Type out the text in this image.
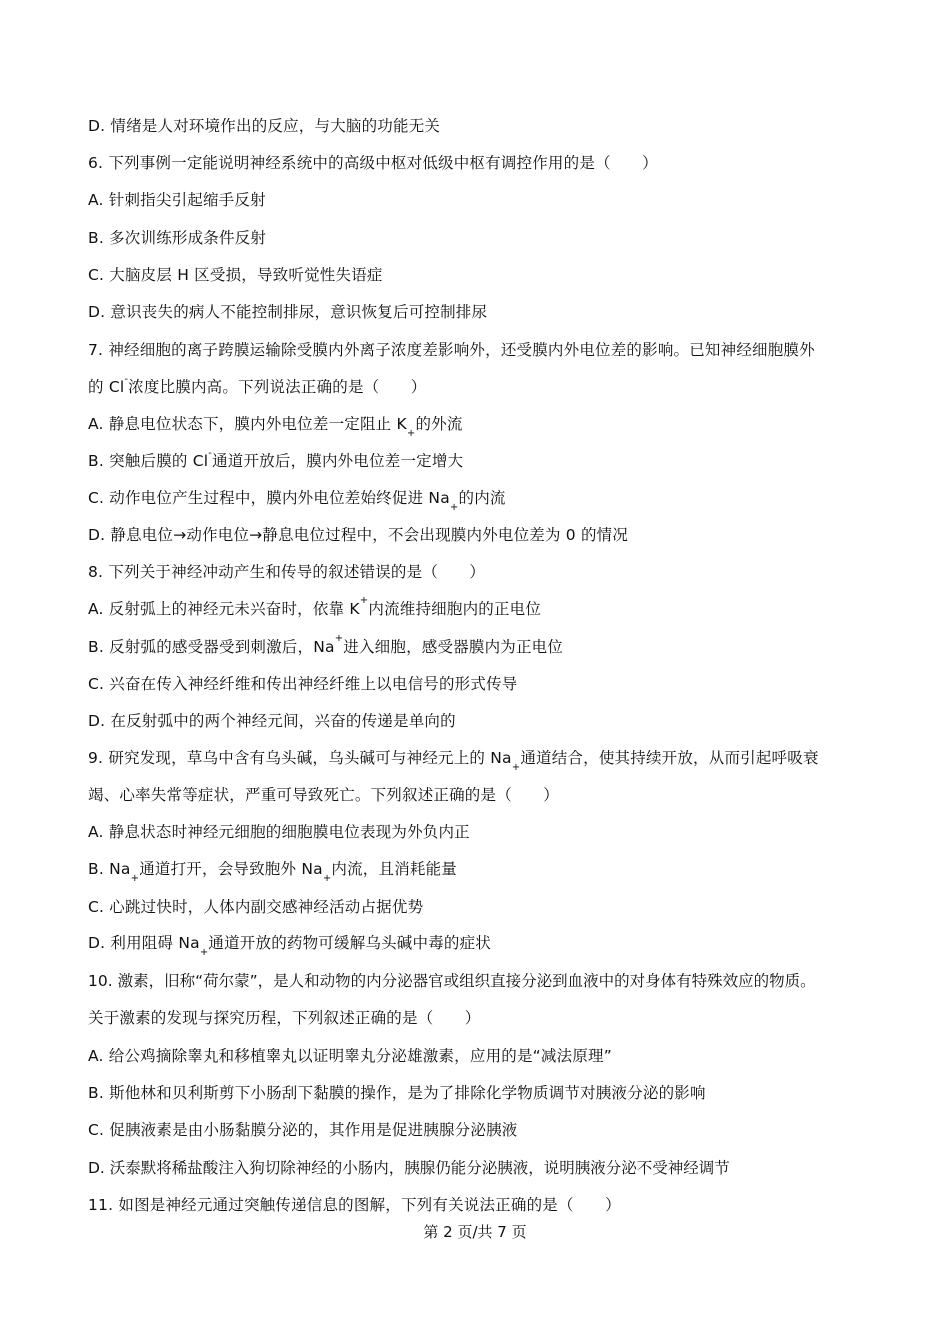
D. 情绪是人对环境作出的反应，与大脑的功能无关
6. 下列事例一定能说明神经系统中的高级中枢对低级中枢有调控作用的是（　　）
A. 针刺指尖引起缩手反射
B. 多次训练形成条件反射
C. 大脑皮层 H 区受损，导致听觉性失语症
D. 意识丧失的病人不能控制排尿，意识恢复后可控制排尿
7. 神经细胞的离子跨膜运输除受膜内外离子浓度差影响外，还受膜内外电位差的影响。已知神经细胞膜外
的 Cl-浓度比膜内高。下列说法正确的是（　　）
A. 静息电位状态下，膜内外电位差一定阻止 $K_+$的外流
B. 突触后膜的 Cl-通道开放后，膜内外电位差一定增大
C. 动作电位产生过程中，膜内外电位差始终促进 $Na_+$的内流
D. 静息电位→动作电位→静息电位过程中，不会出现膜内外电位差为 0 的情况
8. 下列关于神经冲动产生和传导的叙述错误的是（　　）
A. 反射弧上的神经元未兴奋时，依靠 K+内流维持细胞内的正电位
B. 反射弧的感受器受到刺激后，Na+进入细胞，感受器膜内为正电位
C. 兴奋在传入神经纤维和传出神经纤维上以电信号的形式传导
D. 在反射弧中的两个神经元间，兴奋的传递是单向的
9. 研究发现，草乌中含有乌头碱，乌头碱可与神经元上的 $Na_+$通道结合，使其持续开放，从而引起呼吸衰
竭、心率失常等症状，严重可导致死亡。下列叙述正确的是（　　）
A. 静息状态时神经元细胞的细胞膜电位表现为外负内正
B. $Na_+$通道打开，会导致胞外 $Na_+$内流，且消耗能量
C. 心跳过快时，人体内副交感神经活动占据优势
D. 利用阻碍 $Na_+$通道开放的药物可缓解乌头碱中毒的症状
10. 激素，旧称“荷尔蒙”，是人和动物的内分泌器官或组织直接分泌到血液中的对身体有特殊效应的物质。
关于激素的发现与探究历程，下列叙述正确的是（　　）
A. 给公鸡摘除睾丸和移植睾丸以证明睾丸分泌雄激素，应用的是“减法原理”
B. 斯他林和贝利斯剪下小肠刮下黏膜的操作，是为了排除化学物质调节对胰液分泌的影响
C. 促胰液素是由小肠黏膜分泌的，其作用是促进胰腺分泌胰液
D. 沃泰默将稀盐酸注入狗切除神经的小肠内，胰腺仍能分泌胰液，说明胰液分泌不受神经调节
11. 如图是神经元通过突触传递信息的图解，下列有关说法正确的是（　　）
第 2 页/共 7 页
